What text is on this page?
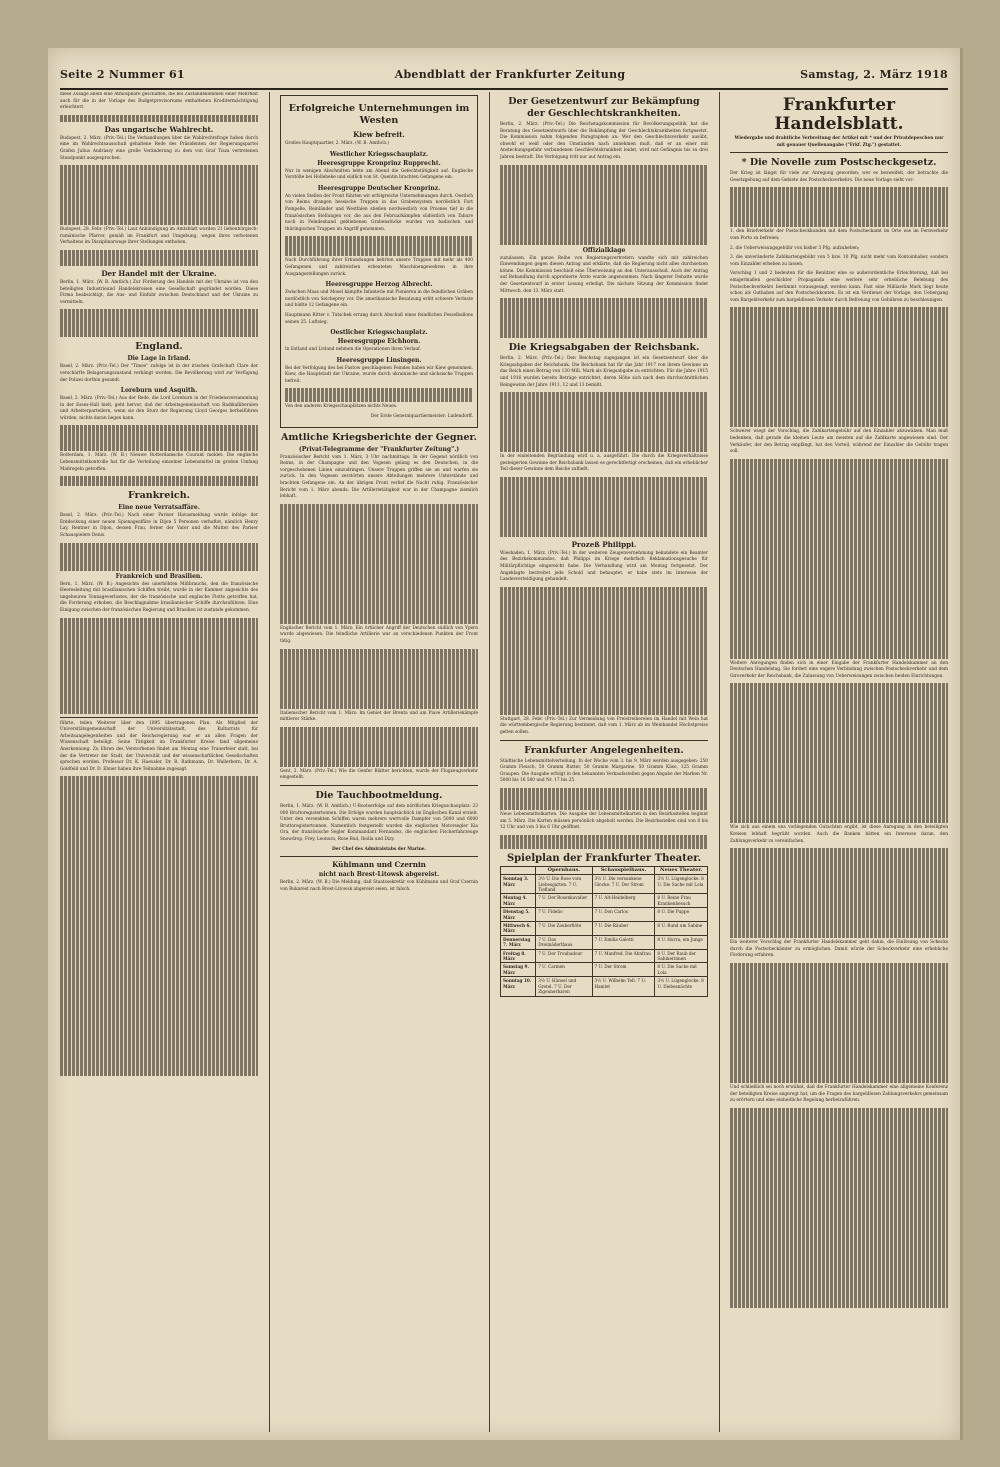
Seite 2 Nummer 61	Abendblatt der Frankfurter Zeitung	Samstag, 2. März 1918

diese Zusage allein eine Atmosphäre geschaffen, die bei Zustandekommen einer Mehrheit auch für die in der Vorlage des Budgetprovisoriums enthaltenen Kreditermächtigung erleichtert.

Das ungarische Wahlrecht.

Budapest, 2. März. (Priv.-Tel.) Die Verhandlungen über die Wahlrechtsfrage haben durch eine im Wahlrechtsausschuß gehaltene Rede des Präsidenten der Regierungspartei Grafen Julius Andrássy eine große Veränderung zu dem von Graf Tisza vertretenen Standpunkt ausgesprochen.

Budapest, 28. Febr. (Priv.-Tel.) Laut Ankündigung im Amtsblatt wurden 21 liebenbürgisch-rumänische Pfarrer, gemäß im Frankfurt und Umgebung, wegen ihres verbotenen Verhaltens im Disziplinarwege ihrer Stellungen enthoben.

Der Handel mit der Ukraine.

Berlin, 1. März. (W. B. Amtlich.) Zur Förderung des Handels mit der Ukraine ist von den beteiligten Industrieund Handelskreisen eine Gesellschaft gegründet worden. Diese Firma beabsichtigt, die Aus- und Einfuhr zwischen Deutschland und der Ukraine zu vermitteln.

England.
Die Lage in Irland.

Basel, 2. März. (Priv.-Tel.) Der "Times" zufolge ist in der irischen Grafschaft Clare der verschärfte Belagerungszustand verhängt worden. Die Bevölkerung wird zur Verfügung der Polizei dorthin gesandt.

Loreburn und Asquith.

Basel, 2. März. (Priv.-Tel.) Aus der Rede, die Lord Loreburn in der Friedensversammlung in der Essex-Hall hielt, geht hervor, daß der Arbeitsgemeinschaft von Radikalliberalen und Arbeiterparteilern, wenn sie den Sturz der Regierung Lloyd Georges herbeiführen würden, nichts daran liegen kann.

Rotterdam, 1. März. (W. B.) Nieuwe Rotterdamsche Courant meldet: Die englische Lebensmittelkontrolle hat für die Verteilung einzelner Lebensmittel im großen Umfang Maßregeln getroffen.

Frankreich.
Eine neue Verratsaffäre.

Basel, 2. März. (Priv.-Tel.) Nach einer Pariser Havasmeldung wurde infolge der Entdeckung einer neuen Spionageaffäre in Dijon 5 Personen verhaftet, nämlich Henry Lay, Rentner in Dijon, dessen Frau, ferner der Vater und die Mutter des Pariser Schauspielers Denis.

Frankreich und Brasilien.

Bern, 1. März. (W. B.) Angesichts des unerhöhten Mißbrauchs, den die französische Heeresleitung mit brasilianischen Schiffen treibt, wurde in der Kammer angesichts des ungeheuren Tonnageverlustes, der die französische und englische Flotte getroffen hat, die Forderung erhoben, die Beschlagnahme brasilianischer Schiffe durchzuführen. Eine Einigung zwischen der französischen Regierung und Brasilien ist zustande gekommen.

führte, teilen Weiterer über den 1895 übertragenen Plan. Als Mitglied der Universitätsgemeinschaft der Universitätsstadt, des Kulturrats für Arbeitsangelegenheiten und der Reichsregierung war er an allen Fragen der Wissenschaft beteiligt. Seine Tätigkeit im Frankfurter Kreise fand allgemeine Anerkennung. Zu Ehren des Verstorbenen findet am Montag eine Trauerfeier statt, bei der die Vertreter der Stadt, der Universität und der wissenschaftlichen Gesellschaften sprechen werden. Professor Dr. K. Haeusler, Dr. R. Rathmann, Dr. Wallerbern, Dr. A. Goldfeld und Dr. D. Ebner haben ihre Teilnahme zugesagt.

Erfolgreiche Unternehmungen im Westen
Kiew befreit.

Großes Hauptquartier, 2. März. (W. B. Amtlich.)

Westlicher Kriegsschauplatz.
Heeresgruppe Kronprinz Rupprecht.

Nur in wenigen Abschnitten lebte am Abend die Gefechtstätigkeit auf. Englische Vorstöße bei Hollebeke und südlich von St. Quentin brachten Gefangene ein.

Heeresgruppe Deutscher Kronprinz.

An vielen Stellen der Front führten wir erfolgreiche Unternehmungen durch. Oestlich von Reims drangen hessische Truppen in das Grabensystem nordöstlich Fort Pompelle, Reinländer und Westfalen stießen nordwestlich von Prosnes tief in die französischen Stellungen vor, die aus den Februarkämpfen südöstlich von Tahure noch in Feindeshand gebliebenen Grabenstücke wurden von badischen und thüringischen Truppen im Angriff genommen.

Nach Durchführung ihrer Erkundungen kehrten unsere Truppen mit mehr als 400 Gefangenen und zahlreichen erbeuteten Maschinengewehren in ihre Ausgangsstellungen zurück.

Heeresgruppe Herzog Albrecht.

Zwischen Maas und Mosel kämpfte Infanterie mit Pionieren in die feindlichen Gräben nordöstlich von Seicheprey vor. Die amerikanische Besatzung erlitt schwere Verluste und büßte 12 Gefangene ein.

Hauptmann Ritter v. Tutschek errang durch Abschuß eines feindlichen Fesselballons seinen 25. Luftsieg.

Oestlicher Kriegsschauplatz.
Heeresgruppe Eichhorn.

In Estland und Livland nehmen die Operationen ihren Verlauf.

Heeresgruppe Linsingen.

Bei der Verfolgung des bei Fastow geschlagenen Feindes haben wir Kiew genommen. Kiew, die Hauptstadt der Ukraine, wurde durch ukrainische und sächsische Truppen befreit.

Von den anderen Kriegsschauplätzen nichts Neues.

Der Erste Generalquartiermeister: Ludendorff.

Amtliche Kriegsberichte der Gegner.
(Privat-Telegramme der "Frankfurter Zeitung".)

Französischer Bericht vom 1. März, 3 Uhr nachmittags: In der Gegend nördlich von Reims, in der Champagne und den Vogesen gelang es den Deutschen, in die vorgeschobenen Linien einzudringen. Unsere Truppen griffen sie an und warfen sie zurück. In den Vogesen zerstörten unsere Abteilungen mehrere Unterstände und brachten Gefangene ein. An der übrigen Front verlief die Nacht ruhig. Französischer Bericht vom 1. März abends: Die Artillerietätigkeit war in der Champagne ziemlich lebhaft.

Englischer Bericht vom 1. März: Ein örtlicher Angriff der Deutschen südlich von Ypern wurde abgewiesen. Die feindliche Artillerie war an verschiedenen Punkten der Front tätig.

Italienischer Bericht vom 1. März: Im Gebiet der Brenta und am Piave Artilleriekämpfe mittlerer Stärke.

Gent, 2. März. (Priv.-Tel.) Wie die Genfer Blätter berichten, wurde der Flugzeugverkehr eingestellt.

Die Tauchbootmeldung.

Berlin, 1. März. (W. B. Amtlich.) U-Bootserfolge auf dem nördlichen Kriegsschauplatz: 23 000 Bruttoregistertonnen. Die Erfolge wurden hauptsächlich im Englischen Kanal erzielt. Unter den versenkten Schiffen waren mehrere wertvolle Dampfer von 5000 und 6000 Bruttoregistertonnen. Namentlich festgestellt wurden die englischen Motorsegler Kia Ora, der französische Segler Kommandant Fernandez, die englischen Fischerfahrzeuge Snowdrop, Frey, Leonora, Rose Bud, Ibolla und Dizy.

Der Chef des Admiralstabs der Marine.

Kühlmann und Czernin
nicht nach Brest-Litowsk abgereist.

Berlin, 2. März. (W. B.) Die Meldung, daß Staatssekretär von Kühlmann und Graf Czernin von Bukarest nach Brest-Litowsk abgereist seien, ist falsch.

Der Gesetzentwurf zur Bekämpfung der Geschlechtskrankheiten.

Berlin, 2. März. (Priv.-Tel.) Die Reichstagskommission für Bevölkerungspolitik hat die Beratung des Gesetzentwurfs über die Bekämpfung der Geschlechtskrankheiten fortgesetzt. Die Kommission nahm folgenden Paragraphen an: Wer den Geschlechtsverkehr ausübt, obwohl er weiß oder den Umständen nach annehmen muß, daß er an einer mit Ansteckungsgefahr verbundenen Geschlechtskrankheit leidet, wird mit Gefängnis bis zu drei Jahren bestraft. Die Verfolgung tritt nur auf Antrag ein.

Offizialklage

zuzulassen. Ein ganze Reihe von Regierungsvertretern wandte sich mit zahlreichen Einwendungen gegen diesen Antrag und erklärte, daß die Regierung nicht alles durchsetzen könne. Die Kommission beschloß eine Überweisung an den Unterausschuß. Auch der Antrag auf Behandlung durch approbierte Ärzte wurde angenommen. Nach längerer Debatte wurde der Gesetzentwurf in erster Lesung erledigt. Die nächste Sitzung der Kommission findet Mittwoch, den 13. März statt.

Die Kriegsabgaben der Reichsbank.

Berlin, 2. März. (Priv.-Tel.) Den Reichstag zugegangen ist ein Gesetzentwurf über die Kriegsabgaben der Reichsbank. Die Reichsbank hat für das Jahr 1917 von ihrem Gewinne an das Reich einen Betrag von 130 Mill. Mark als Kriegsabgabe zu entrichten. Für die Jahre 1915 und 1916 wurden bereits Beträge entrichtet, deren Höhe sich nach dem durchschnittlichen Reingewinn der Jahre 1911, 12 und 13 bemißt.

In der einleitenden Begründung wird u. a. ausgeführt: Die durch die Kriegsverhältnisse gesteigerten Gewinne der Reichsbank lassen es gerechtfertigt erscheinen, daß ein erheblicher Teil dieser Gewinne dem Reiche zufließt.

Prozeß Philippi.

Wiesbaden, 1. März. (Priv.-Tel.) In der weiteren Zeugenvernehmung bekundete ein Beamter des Bezirkskommandos, daß Philippi im Kriege mehrfach Reklamationsgesuche für Militärpflichtige eingereicht habe. Die Verhandlung wird am Montag fortgesetzt. Der Angeklagte bestreitet jede Schuld und behauptet, er habe stets im Interesse der Landesverteidigung gehandelt.

Stuttgart, 28. Febr. (Priv.-Tel.) Zur Vermeidung von Preistreibereien im Handel mit Wein hat die württembergische Regierung bestimmt, daß vom 1. März ab im Weinhandel Höchstpreise gelten sollen.

Frankfurter Angelegenheiten.

Städtische Lebensmittelverteilung. In der Woche vom 3. bis 9. März werden ausgegeben: 250 Gramm Fleisch, 50 Gramm Butter, 50 Gramm Margarine, 50 Gramm Käse, 125 Gramm Graupen. Die Ausgabe erfolgt in den bekannten Verkaufsstellen gegen Abgabe der Marken Nr. 5000 bis 16 500 und Nr. 17 bis 25.

Neue Lebensmittelkarten. Die Ausgabe der Lebensmittelkarten in den Bezirksstellen beginnt am 5. März. Die Karten müssen persönlich abgeholt werden. Die Bezirksstellen sind von 8 bis 12 Uhr und von 3 bis 6 Uhr geöffnet.

Spielplan der Frankfurter Theater.
	Opernhaus.	Schauspielhaus.	Neues Theater.
Sonntag 3. März	3½ U. Die Rose vom Liebesgarten. 7 U. Tiefland	3½ U. Die versunkene Glocke. 7 U. Der Strom	3½ U. Lügenglocke. 8 U. Die Sache mit Lola
Montag 4. März	7 U. Der Rosenkavalier	7 U. Alt-Heidelberg	8 U. Reine Frau Krankenbesuch
Dienstag 5. März	7 U. Fidelio	7 U. Don Carlos	8 U. Die Puppe
Mittwoch 6. März	7 U. Die Zauberflöte	7 U. Die Räuber	8 U. Rund um Sabine
Donnerstag 7. März	7 U. Das Dreimäderlhaus	7 U. Emilia Galotti	8 U. Hurra, ein Junge
Freitag 8. März	7 U. Der Troubadour	7 U. Manfred. Die Ahnfrau	8 U. Der Raub der Sabinerinnen
Samstag 9. März	7 U. Carmen	7 U. Der Strom	8 U. Die Sache mit Lola
Sonntag 10. März	3½ U. Hänsel und Gretel. 7 U. Der Zigeunerbaron	3½ U. Wilhelm Tell. 7 U. Hamlet	3½ U. Lügenglocke. 8 U. Diebesnächte
Frankfurter Handelsblatt.

Wiedergabe und drahtliche Verbreitung der Artikel mit * und der Privatdepeschen nur mit genauer Quellenangabe ("Frkf. Ztg.") gestattet.

* Die Novelle zum Postscheckgesetz.

Der Krieg ist längst für viele zur Anregung geworden; wer es bezweifelt, der betrachte die Gesetzgebung auf dem Gebiete des Postscheckverkehrs. Die neue Vorlage sieht vor:

1. den Briefverkehr der Postscheckkunden mit dem Postscheckamt im Orte wie im Fernverkehr vom Porto zu befreien;

2. die Ueberweisungsgebühr von bisher 3 Pfg. aufzuheben;

3. die unveränderte Zahlkartengebühr von 5 bzw. 10 Pfg. nicht mehr vom Kontoinhaber, sondern vom Einzahler erheben zu lassen.

Vorschlag 1 und 2 bedeuten für die Benützer eine so außerordentliche Erleichterung, daß bei einigermaßen geschickter Propaganda eine weitere sehr erhebliche Belebung des Postscheckverkehrs bestimmt vorausgesagt werden kann. Fast eine Milliarde Mark liegt heute schon als Guthaben auf den Postscheckkonten. Es ist ein Verdienst der Vorlage, den Uebergang vom Bargeldverkehr zum bargeldlosen Verkehr durch Befreiung von Gebühren zu beschleunigen.

Schwerer wiegt der Vorschlag, die Zahlkartengebühr auf den Einzahler abzuwälzen. Man muß bedenken, daß gerade die kleinen Leute am meisten auf die Zahlkarte angewiesen sind. Der Verkäufer, der den Betrag empfängt, hat den Vorteil, während der Einzahler die Gebühr tragen soll.

Weitere Anregungen finden sich in einer Eingabe der Frankfurter Handelskammer an den Deutschen Handelstag. Sie fordert eine engere Verbindung zwischen Postscheckverkehr und dem Giroverkehr der Reichsbank, die Zulassung von Ueberweisungen zwischen beiden Einrichtungen.

Wie sich aus einem uns vorliegenden Gutachten ergibt, ist diese Anregung in den beteiligten Kreisen lebhaft begrüßt worden. Auch die Banken hätten ein Interesse daran, den Zahlungsverkehr zu vereinfachen.

Ein weiterer Vorschlag der Frankfurter Handelskammer geht dahin, die Einlösung von Schecks durch die Postscheckämter zu ermöglichen. Damit würde der Scheckverkehr eine erhebliche Förderung erfahren.

Und schließlich sei noch erwähnt, daß die Frankfurter Handelskammer eine allgemeine Konferenz der beteiligten Kreise angeregt hat, um die Fragen des bargeldlosen Zahlungsverkehrs gemeinsam zu erörtern und eine einheitliche Regelung herbeizuführen.
